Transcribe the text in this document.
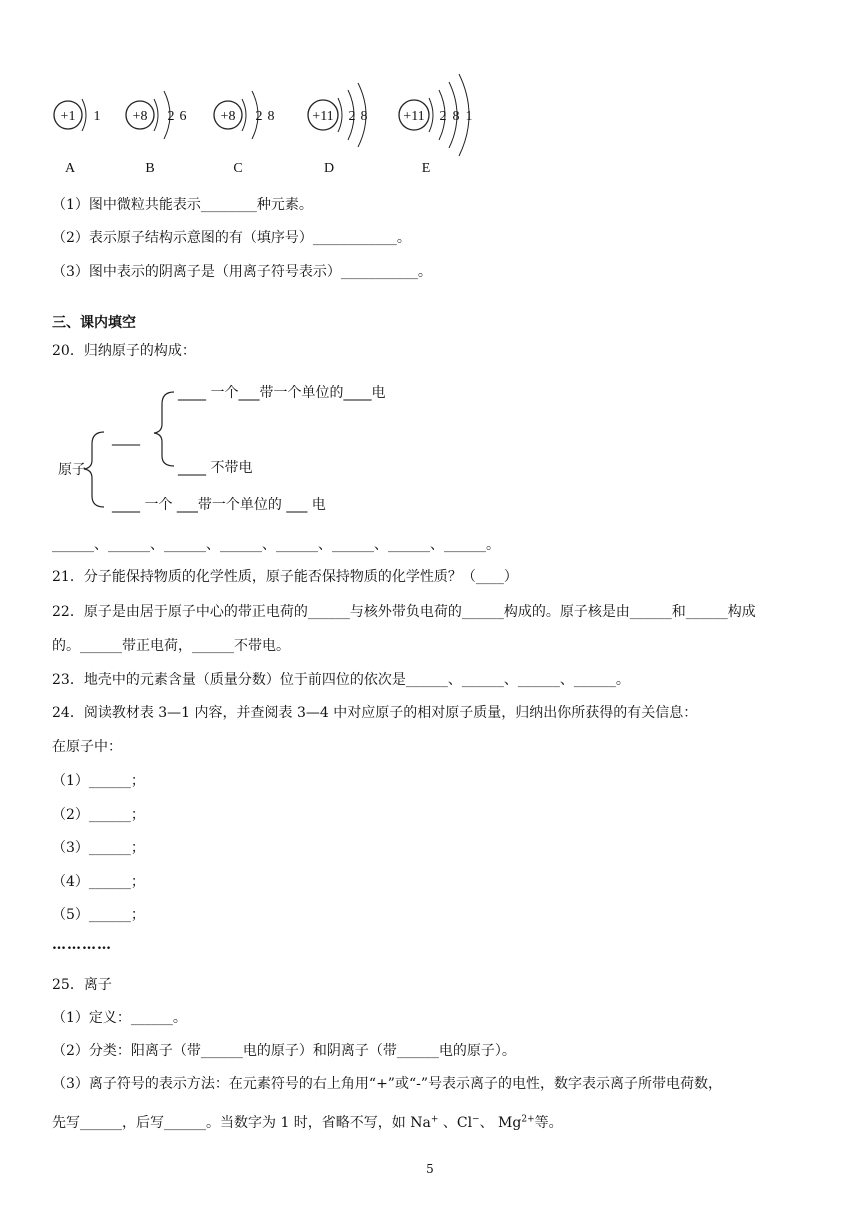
+1 1
A
+8 2 6
B
+8 2 8
C
+11 2 8
D
+11 2 8 1
E
（1）图中微粒共能表示________种元素。
（2）表示原子结构示意图的有（填序号）____________。
（3）图中表示的阴离子是（用离子符号表示）___________。
三、课内填空
20．归纳原子的构成：
原子
____
____ 一个___带一个单位的____电
____ 不带电
____ 一个 ___带一个单位的 ___ 电
______、______、______、______、______、______、______、______。
21．分子能保持物质的化学性质，原子能否保持物质的化学性质？（____）
22．原子是由居于原子中心的带正电荷的______与核外带负电荷的______构成的。原子核是由______和______构成
的。______带正电荷，______不带电。
23．地壳中的元素含量（质量分数）位于前四位的依次是______、______、______、______。
24．阅读教材表 3—1 内容，并查阅表 3—4 中对应原子的相对原子质量，归纳出你所获得的有关信息：
在原子中：
（1）______；
（2）______；
（3）______；
（4）______；
（5）______；
…………
25．离子
（1）定义：______。
（2）分类：阳离子（带______电的原子）和阴离子（带______电的原子）。
（3）离子符号的表示方法：在元素符号的右上角用“+”或“-”号表示离子的电性，数字表示离子所带电荷数，
先写______，后写______。当数字为 1 时，省略不写，如 Na+ 、Cl−、 $Mg^{2+}$等。
5
